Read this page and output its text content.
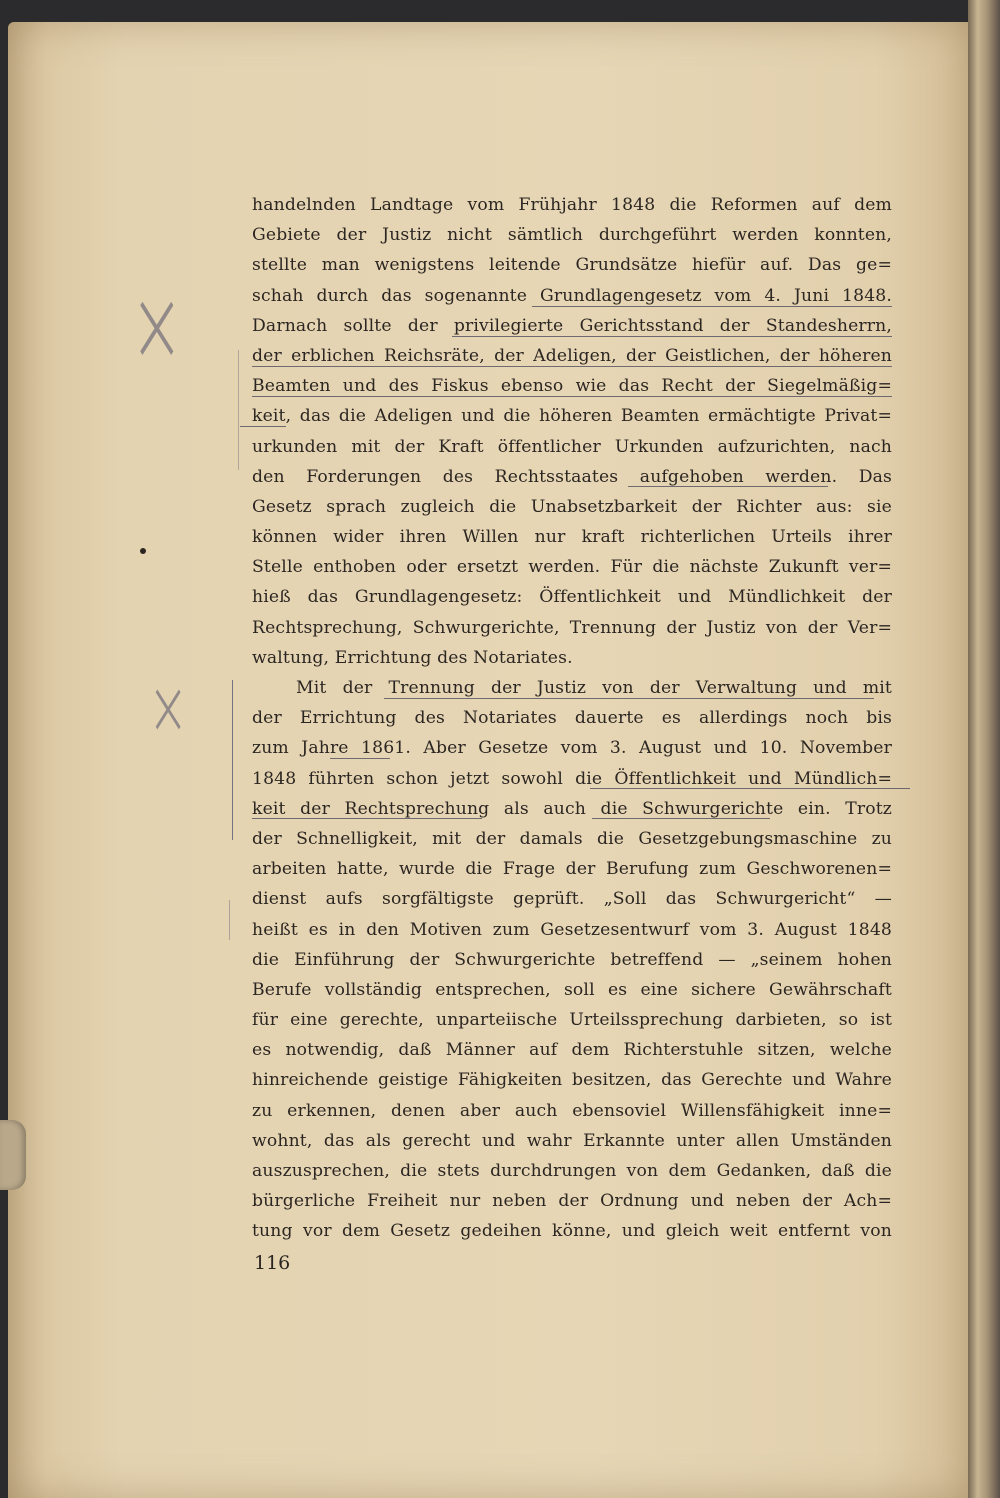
×
×
handelnden Landtage vom Frühjahr 1848 die Reformen auf dem
Gebiete der Justiz nicht sämtlich durchgeführt werden konnten,
stellte man wenigstens leitende Grundsätze hiefür auf. Das ge=
schah durch das sogenannte Grundlagengesetz vom 4. Juni 1848.
Darnach sollte der privilegierte Gerichtsstand der Standesherrn,
der erblichen Reichsräte, der Adeligen, der Geistlichen, der höheren
Beamten und des Fiskus ebenso wie das Recht der Siegelmäßig=
keit, das die Adeligen und die höheren Beamten ermächtigte Privat=
urkunden mit der Kraft öffentlicher Urkunden aufzurichten, nach
den Forderungen des Rechtsstaates aufgehoben werden. Das
Gesetz sprach zugleich die Unabsetzbarkeit der Richter aus: sie
können wider ihren Willen nur kraft richterlichen Urteils ihrer
Stelle enthoben oder ersetzt werden. Für die nächste Zukunft ver=
hieß das Grundlagengesetz: Öffentlichkeit und Mündlichkeit der
Rechtsprechung, Schwurgerichte, Trennung der Justiz von der Ver=
waltung, Errichtung des Notariates.
Mit der Trennung der Justiz von der Verwaltung und mit
der Errichtung des Notariates dauerte es allerdings noch bis
zum Jahre 1861. Aber Gesetze vom 3. August und 10. November
1848 führten schon jetzt sowohl die Öffentlichkeit und Mündlich=
keit der Rechtsprechung als auch die Schwurgerichte ein. Trotz
der Schnelligkeit, mit der damals die Gesetzgebungsmaschine zu
arbeiten hatte, wurde die Frage der Berufung zum Geschworenen=
dienst aufs sorgfältigste geprüft. „Soll das Schwurgericht“ —
heißt es in den Motiven zum Gesetzesentwurf vom 3. August 1848
die Einführung der Schwurgerichte betreffend — „seinem hohen
Berufe vollständig entsprechen, soll es eine sichere Gewährschaft
für eine gerechte, unparteiische Urteilssprechung darbieten, so ist
es notwendig, daß Männer auf dem Richterstuhle sitzen, welche
hinreichende geistige Fähigkeiten besitzen, das Gerechte und Wahre
zu erkennen, denen aber auch ebensoviel Willensfähigkeit inne=
wohnt, das als gerecht und wahr Erkannte unter allen Umständen
auszusprechen, die stets durchdrungen von dem Gedanken, daß die
bürgerliche Freiheit nur neben der Ordnung und neben der Ach=
tung vor dem Gesetz gedeihen könne, und gleich weit entfernt von
116
